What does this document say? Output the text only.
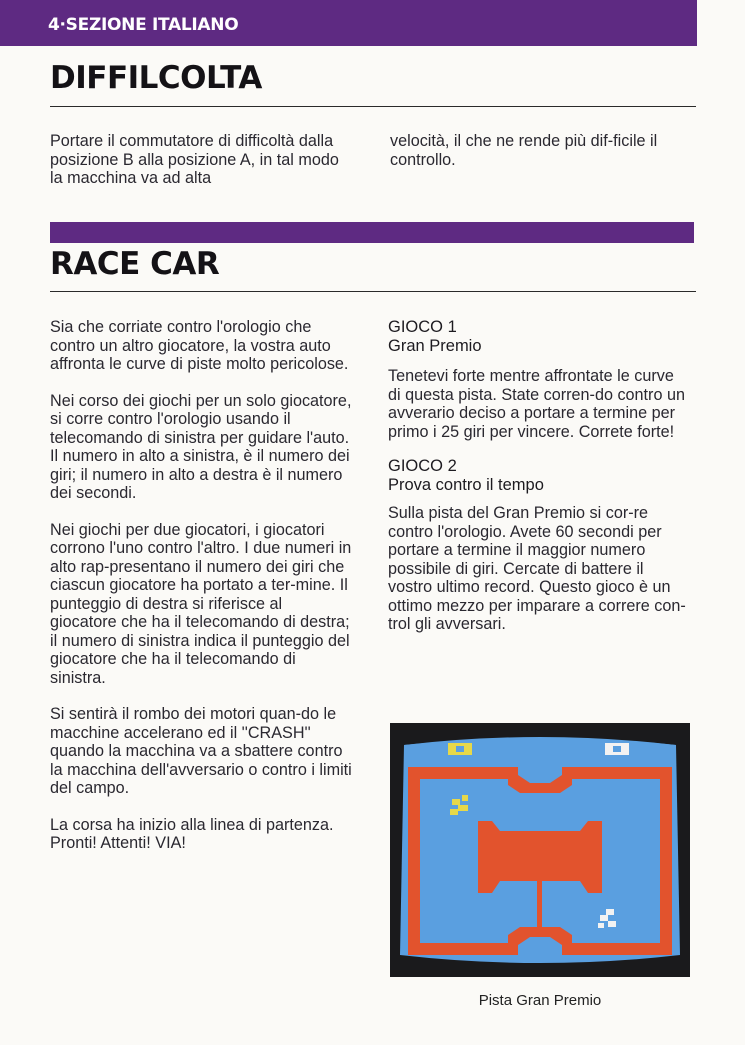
4·SEZIONE ITALIANO
DIFFILCOLTA

Portare il commutatore di difficoltà dalla posizione B alla posizione A, in tal modo la macchina va ad alta

velocità, il che ne rende più dif-ficile il controllo.

RACE CAR

Sia che corriate contro l'orologio che contro un altro giocatore, la vostra auto affronta le curve di piste molto pericolose.

Nei corso dei giochi per un solo giocatore, si corre contro l'orologio usando il telecomando di sinistra per guidare l'auto. Il numero in alto a sinistra, è il numero dei giri; il numero in alto a destra è il numero dei secondi.

Nei giochi per due giocatori, i giocatori corrono l'uno contro l'altro. I due numeri in alto rap-presentano il numero dei giri che ciascun giocatore ha portato a ter-mine. Il punteggio di destra si riferisce al giocatore che ha il telecomando di destra; il numero di sinistra indica il punteggio del giocatore che ha il telecomando di sinistra.

Si sentirà il rombo dei motori quan-do le macchine accelerano ed il ''CRASH'' quando la macchina va a sbattere contro la macchina dell'avversario o contro i limiti del campo.

La corsa ha inizio alla linea di partenza. Pronti! Attenti! VIA!

GIOCO 1

Gran Premio

Tenetevi forte mentre affrontate le curve di questa pista. State corren-do contro un avverario deciso a portare a termine per primo i 25 giri per vincere. Correte forte!

GIOCO 2

Prova contro il tempo

Sulla pista del Gran Premio si cor-re contro l'orologio. Avete 60 secondi per portare a termine il maggior numero possibile di giri. Cercate di battere il vostro ultimo record. Questo gioco è un ottimo mezzo per imparare a correre con-trol gli avversari.

Pista Gran Premio
